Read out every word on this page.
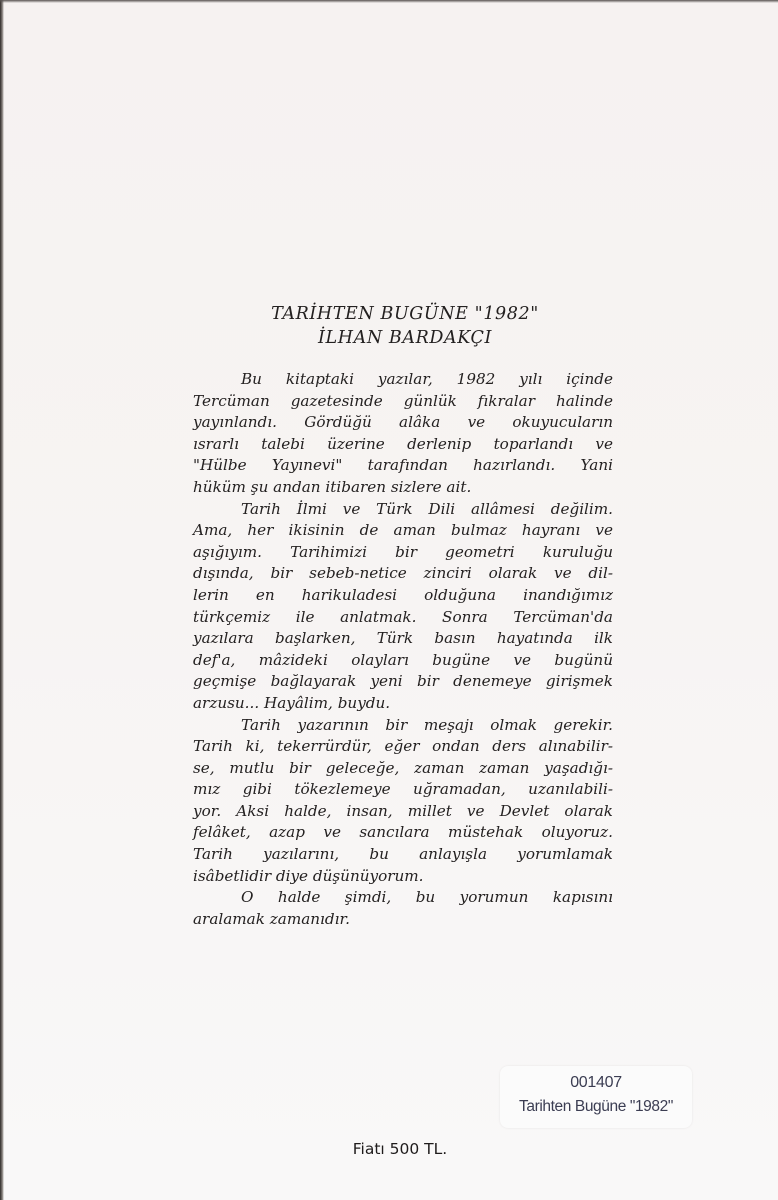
TARİHTEN BUGÜNE "1982"
İLHAN BARDAKÇI
Bu kitaptaki yazılar, 1982 yılı içinde
Tercüman gazetesinde günlük fıkralar halinde
yayınlandı. Gördüğü alâka ve okuyucuların
ısrarlı talebi üzerine derlenip toparlandı ve
"Hülbe Yayınevi" tarafından hazırlandı. Yani
hüküm şu andan itibaren sizlere ait.
Tarih İlmi ve Türk Dili allâmesi değilim.
Ama, her ikisinin de aman bulmaz hayranı ve
aşığıyım. Tarihimizi bir geometri kuruluğu
dışında, bir sebeb-netice zinciri olarak ve dil-
lerin en harikuladesi olduğuna inandığımız
türkçemiz ile anlatmak. Sonra Tercüman'da
yazılara başlarken, Türk basın hayatında ilk
def'a, mâzideki olayları bugüne ve bugünü
geçmişe bağlayarak yeni bir denemeye girişmek
arzusu... Hayâlim, buydu.
Tarih yazarının bir meşajı olmak gerekir.
Tarih ki, tekerrürdür, eğer ondan ders alınabilir-
se, mutlu bir geleceğe, zaman zaman yaşadığı-
mız gibi tökezlemeye uğramadan, uzanılabili-
yor. Aksi halde, insan, millet ve Devlet olarak
felâket, azap ve sancılara müstehak oluyoruz.
Tarih yazılarını, bu anlayışla yorumlamak
isâbetlidir diye düşünüyorum.
O halde şimdi, bu yorumun kapısını
aralamak zamanıdır.
001407
Tarihten Bugüne "1982"
Fiatı 500 TL.
